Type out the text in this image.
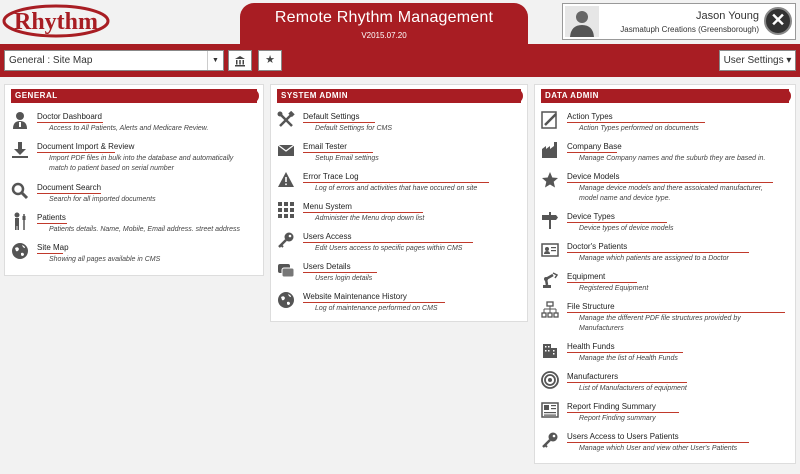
Rhythm	Remote Rhythm Management
V2015.07.20
Jason Young
Jasmatuph Creations (Greensborough) ✕
General : Site Map	▼	★	User Settings ▾
GENERAL
Doctor Dashboard
Access to All Patients, Alerts and Medicare Review.
Document Import & Review
Import PDF files in bulk into the database and automatically
match to patient based on serial number
Document Search
Search for all imported documents
Patients
Patients details. Name, Mobile, Email address. street address
Site Map
Showing all pages available in CMS
SYSTEM ADMIN
Default Settings
Default Settings for CMS
Email Tester
Setup Email settings
Error Trace Log
Log of errors and activities that have occured on site
Menu System
Administer the Menu drop down list
Users Access
Edit Users access to specific pages within CMS
Users Details
Users login details
Website Maintenance History
Log of maintenance performed on CMS
DATA ADMIN
Action Types
Action Types performed on documents
Company Base
Manage Company names and the suburb they are based in.
Device Models
Manage device models and there assoicated manufacturer,
model name and device type.
Device Types
Device types of device models
Doctor's Patients
Manage which patients are assigned to a Doctor
Equipment
Registered Equipment
File Structure
Manage the different PDF file structures provided by
Manufacturers
Health Funds
Manage the list of Health Funds
Manufacturers
List of Manufacturers of equipment
Report Finding Summary
Report Finding summary
Users Access to Users Patients
Manage which User and view other User's Patients
